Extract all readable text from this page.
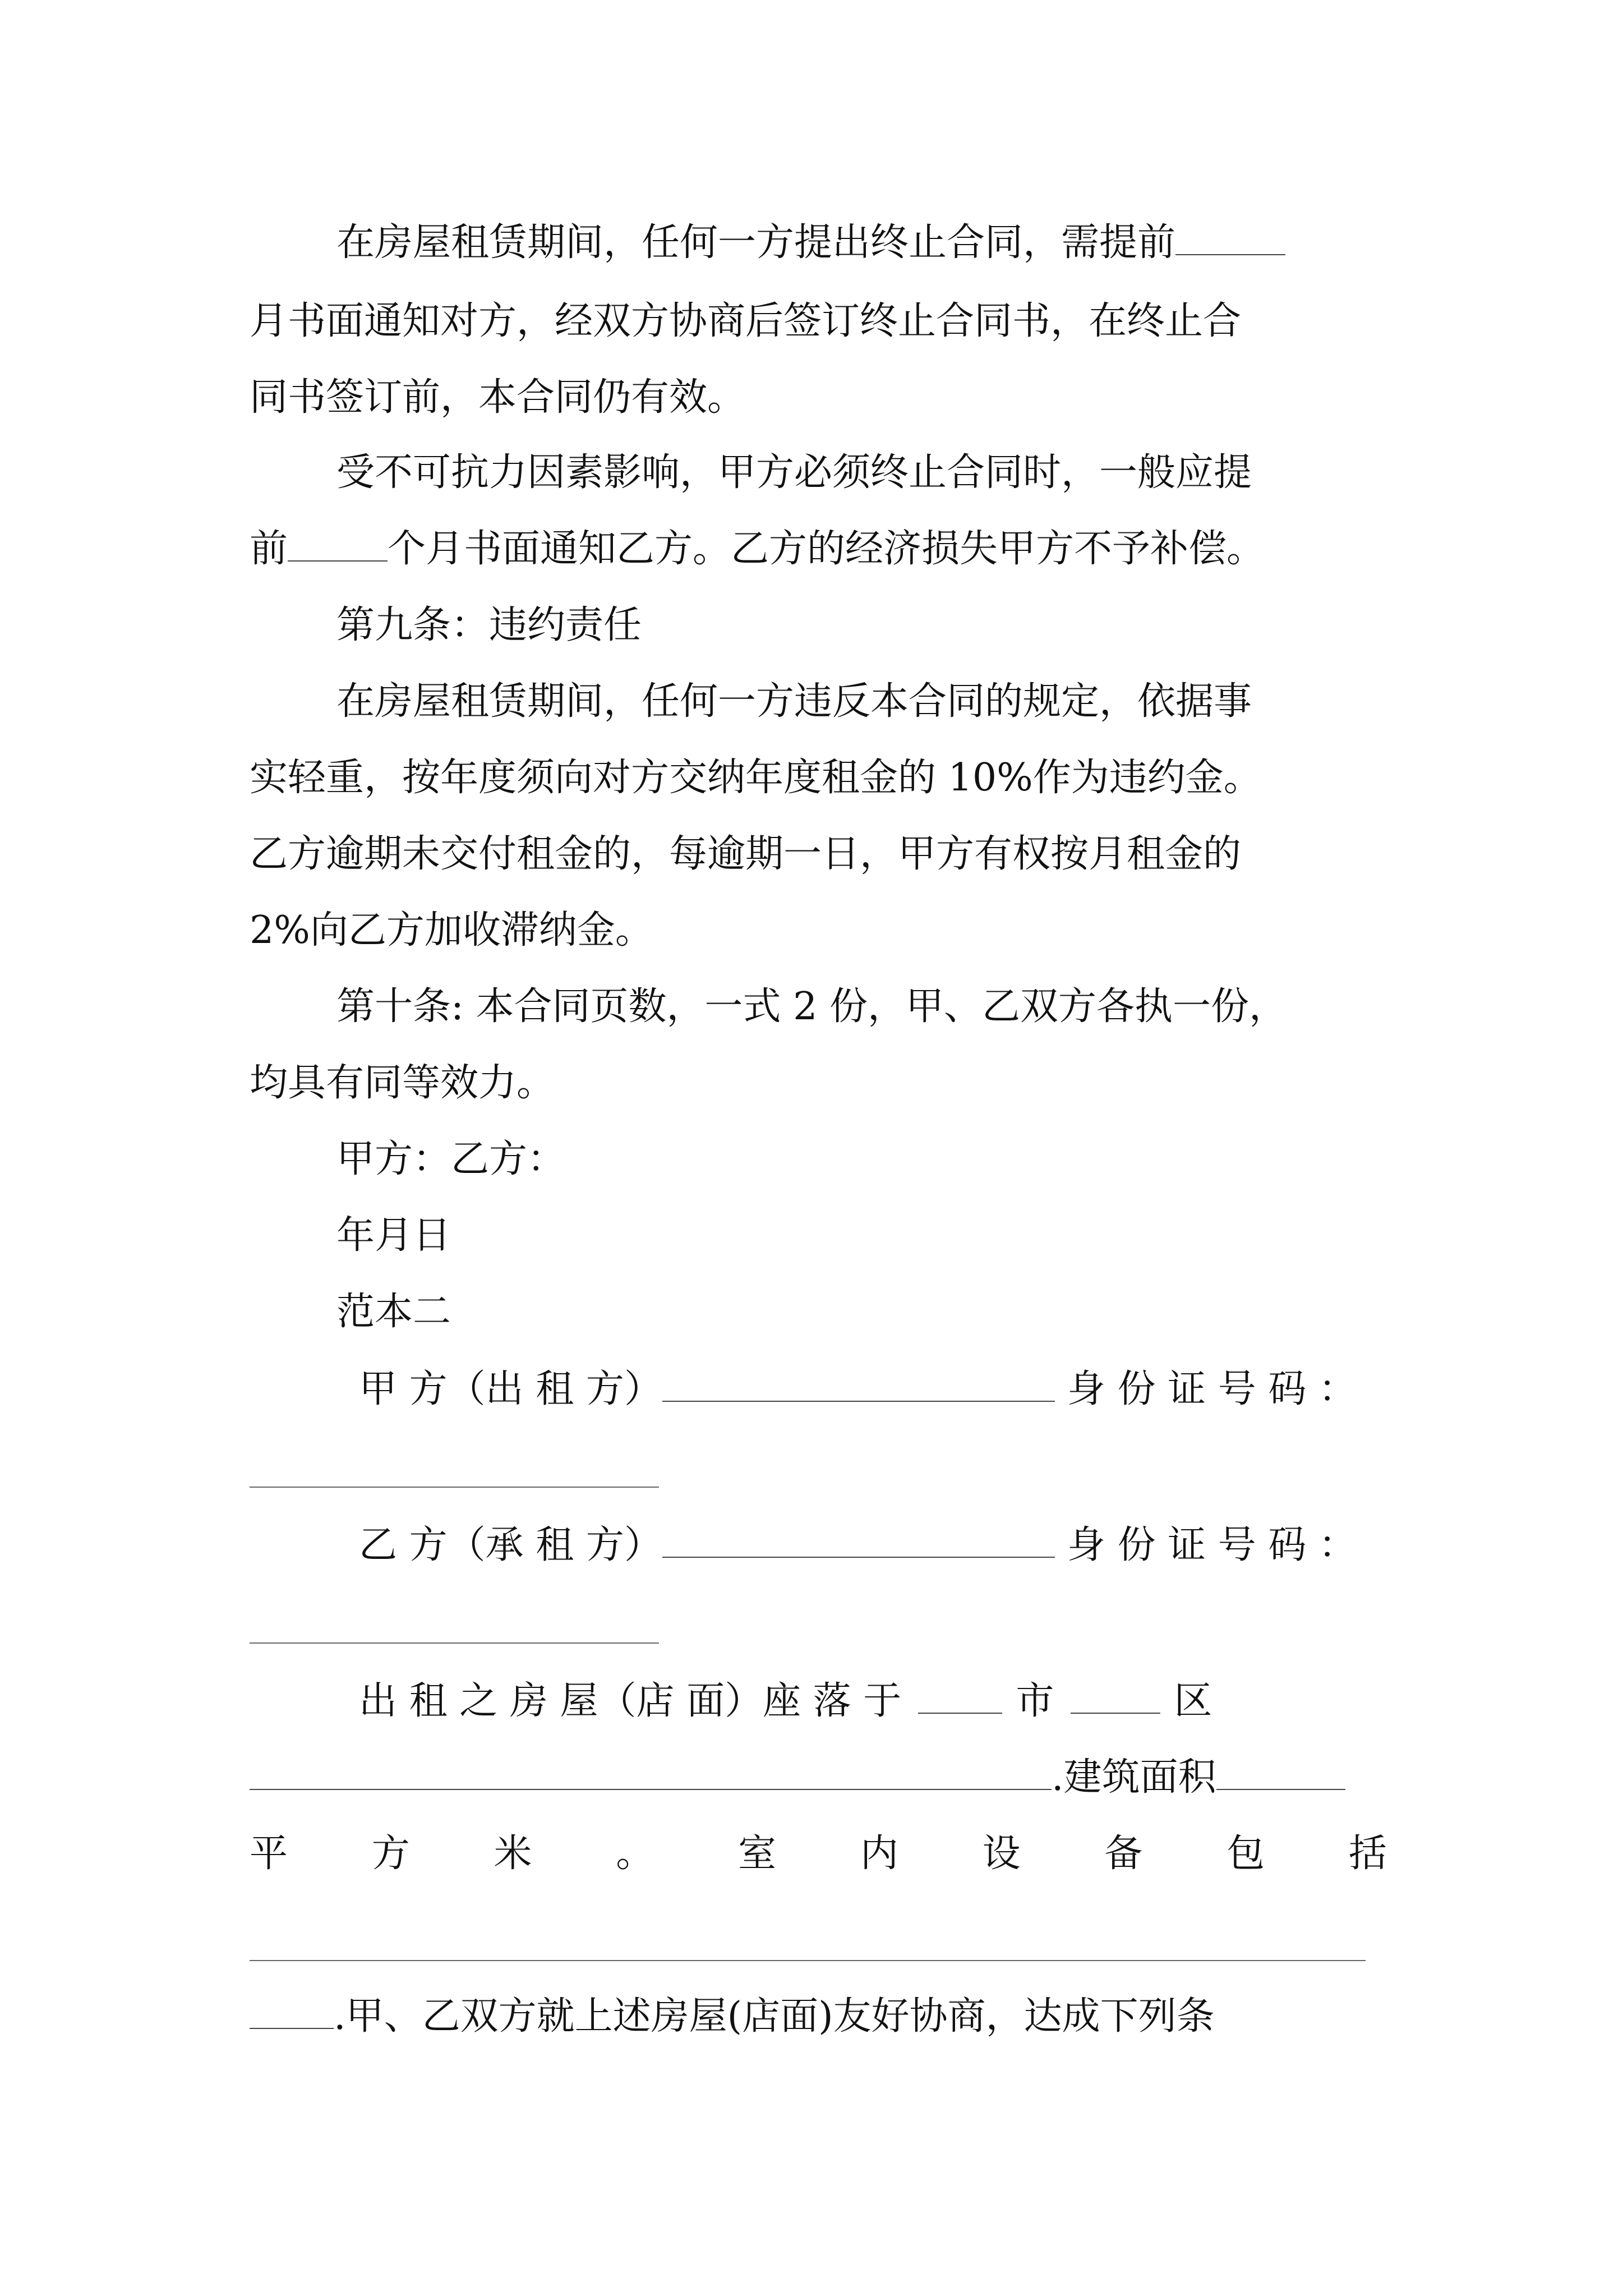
在房屋租赁期间，任何一方提出终止合同，需提前
月书面通知对方，经双方协商后签订终止合同书，在终止合
同书签订前，本合同仍有效。
受不可抗力因素影响，甲方必须终止合同时，一般应提
前	个月书面通知乙方。乙方的经济损失甲方不予补偿。
第九条：违约责任
在房屋租赁期间，任何一方违反本合同的规定，依据事
实轻重，按年度须向对方交纳年度租金的 10%作为违约金。
乙方逾期未交付租金的，每逾期一日，甲方有权按月租金的
2%向乙方加收滞纳金。
第十条: 本合同页数，一式 2 份，甲、乙双方各执一份，
均具有同等效力。
甲方：乙方：
年月日
范本二
甲 方（出 租 方）	身 份 证 号 码 ：
乙 方（承 租 方）	身 份 证 号 码 ：
出 租 之 房 屋（店 面）座 落 于	市	区
.建筑面积
平 方 米 。 室 内 设 备 包 括
.甲、乙双方就上述房屋(店面)友好协商，达成下列条
